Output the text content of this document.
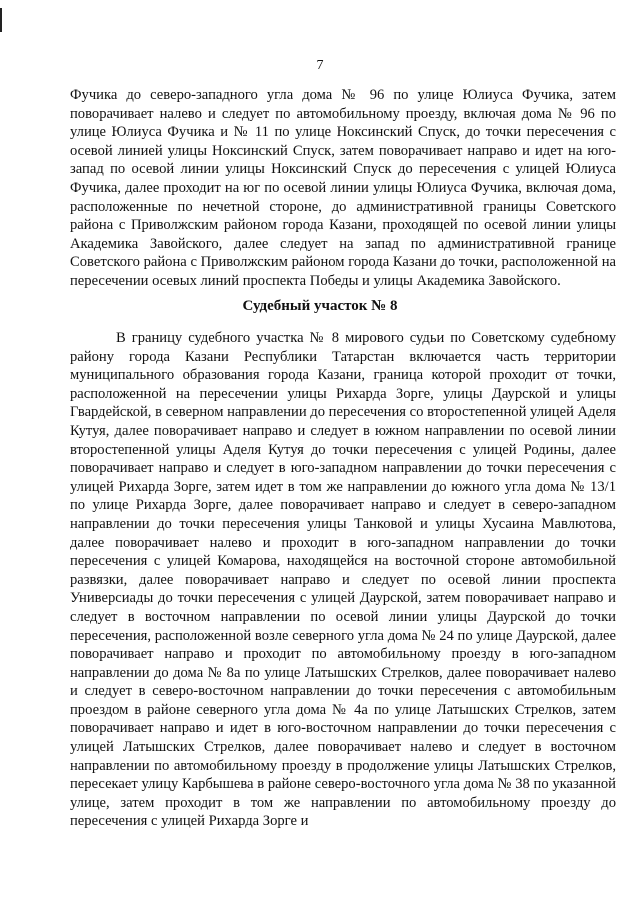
7

Фучика до северо-западного угла дома № 96 по улице Юлиуса Фучика, затем поворачивает налево и следует по автомобильному проезду, включая дома № 96 по улице Юлиуса Фучика и № 11 по улице Ноксинский Спуск, до точки пересечения с осевой линией улицы Ноксинский Спуск, затем поворачивает направо и идет на юго-запад по осевой линии улицы Ноксинский Спуск до пересечения с улицей Юлиуса Фучика, далее проходит на юг по осевой линии улицы Юлиуса Фучика, включая дома, расположенные по нечетной стороне, до административной границы Советского района с Приволжским районом города Казани, проходящей по осевой линии улицы Академика Завойского, далее следует на запад по административной границе Советского района с Приволжским районом города Казани до точки, расположенной на пересечении осевых линий проспекта Победы и улицы Академика Завойского.

Судебный участок № 8

В границу судебного участка № 8 мирового судьи по Советскому судебному району города Казани Республики Татарстан включается часть территории муниципального образования города Казани, граница которой проходит от точки, расположенной на пересечении улицы Рихарда Зорге, улицы Даурской и улицы Гвардейской, в северном направлении до пересечения со второстепенной улицей Аделя Кутуя, далее поворачивает направо и следует в южном направлении по осевой линии второстепенной улицы Аделя Кутуя до точки пересечения с улицей Родины, далее поворачивает направо и следует в юго-западном направлении до точки пересечения с улицей Рихарда Зорге, затем идет в том же направлении до южного угла дома № 13/1 по улице Рихарда Зорге, далее поворачивает направо и следует в северо-западном направлении до точки пересечения улицы Танковой и улицы Хусаина Мавлютова, далее поворачивает налево и проходит в юго-западном направлении до точки пересечения с улицей Комарова, находящейся на восточной стороне автомобильной развязки, далее поворачивает направо и следует по осевой линии проспекта Универсиады до точки пересечения с улицей Даурской, затем поворачивает направо и следует в восточном направлении по осевой линии улицы Даурской до точки пересечения, расположенной возле северного угла дома № 24 по улице Даурской, далее поворачивает направо и проходит по автомобильному проезду в юго-западном направлении до дома № 8а по улице Латышских Стрелков, далее поворачивает налево и следует в северо-восточном направлении до точки пересечения с автомобильным проездом в районе северного угла дома № 4а по улице Латышских Стрелков, затем поворачивает направо и идет в юго-восточном направлении до точки пересечения с улицей Латышских Стрелков, далее поворачивает налево и следует в восточном направлении по автомобильному проезду в продолжение улицы Латышских Стрелков, пересекает улицу Карбышева в районе северо-восточного угла дома № 38 по указанной улице, затем проходит в том же направлении по автомобильному проезду до пересечения с улицей Рихарда Зорге и
